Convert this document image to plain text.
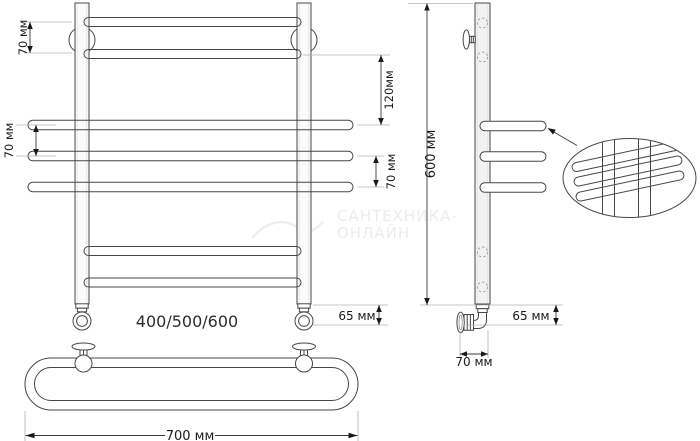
САНТЕХНИКА-
ОНЛАЙН
400/500/600
70 мм
70 мм
120мм
70 мм
65 мм
600 мм
65 мм
70 мм
700 мм
